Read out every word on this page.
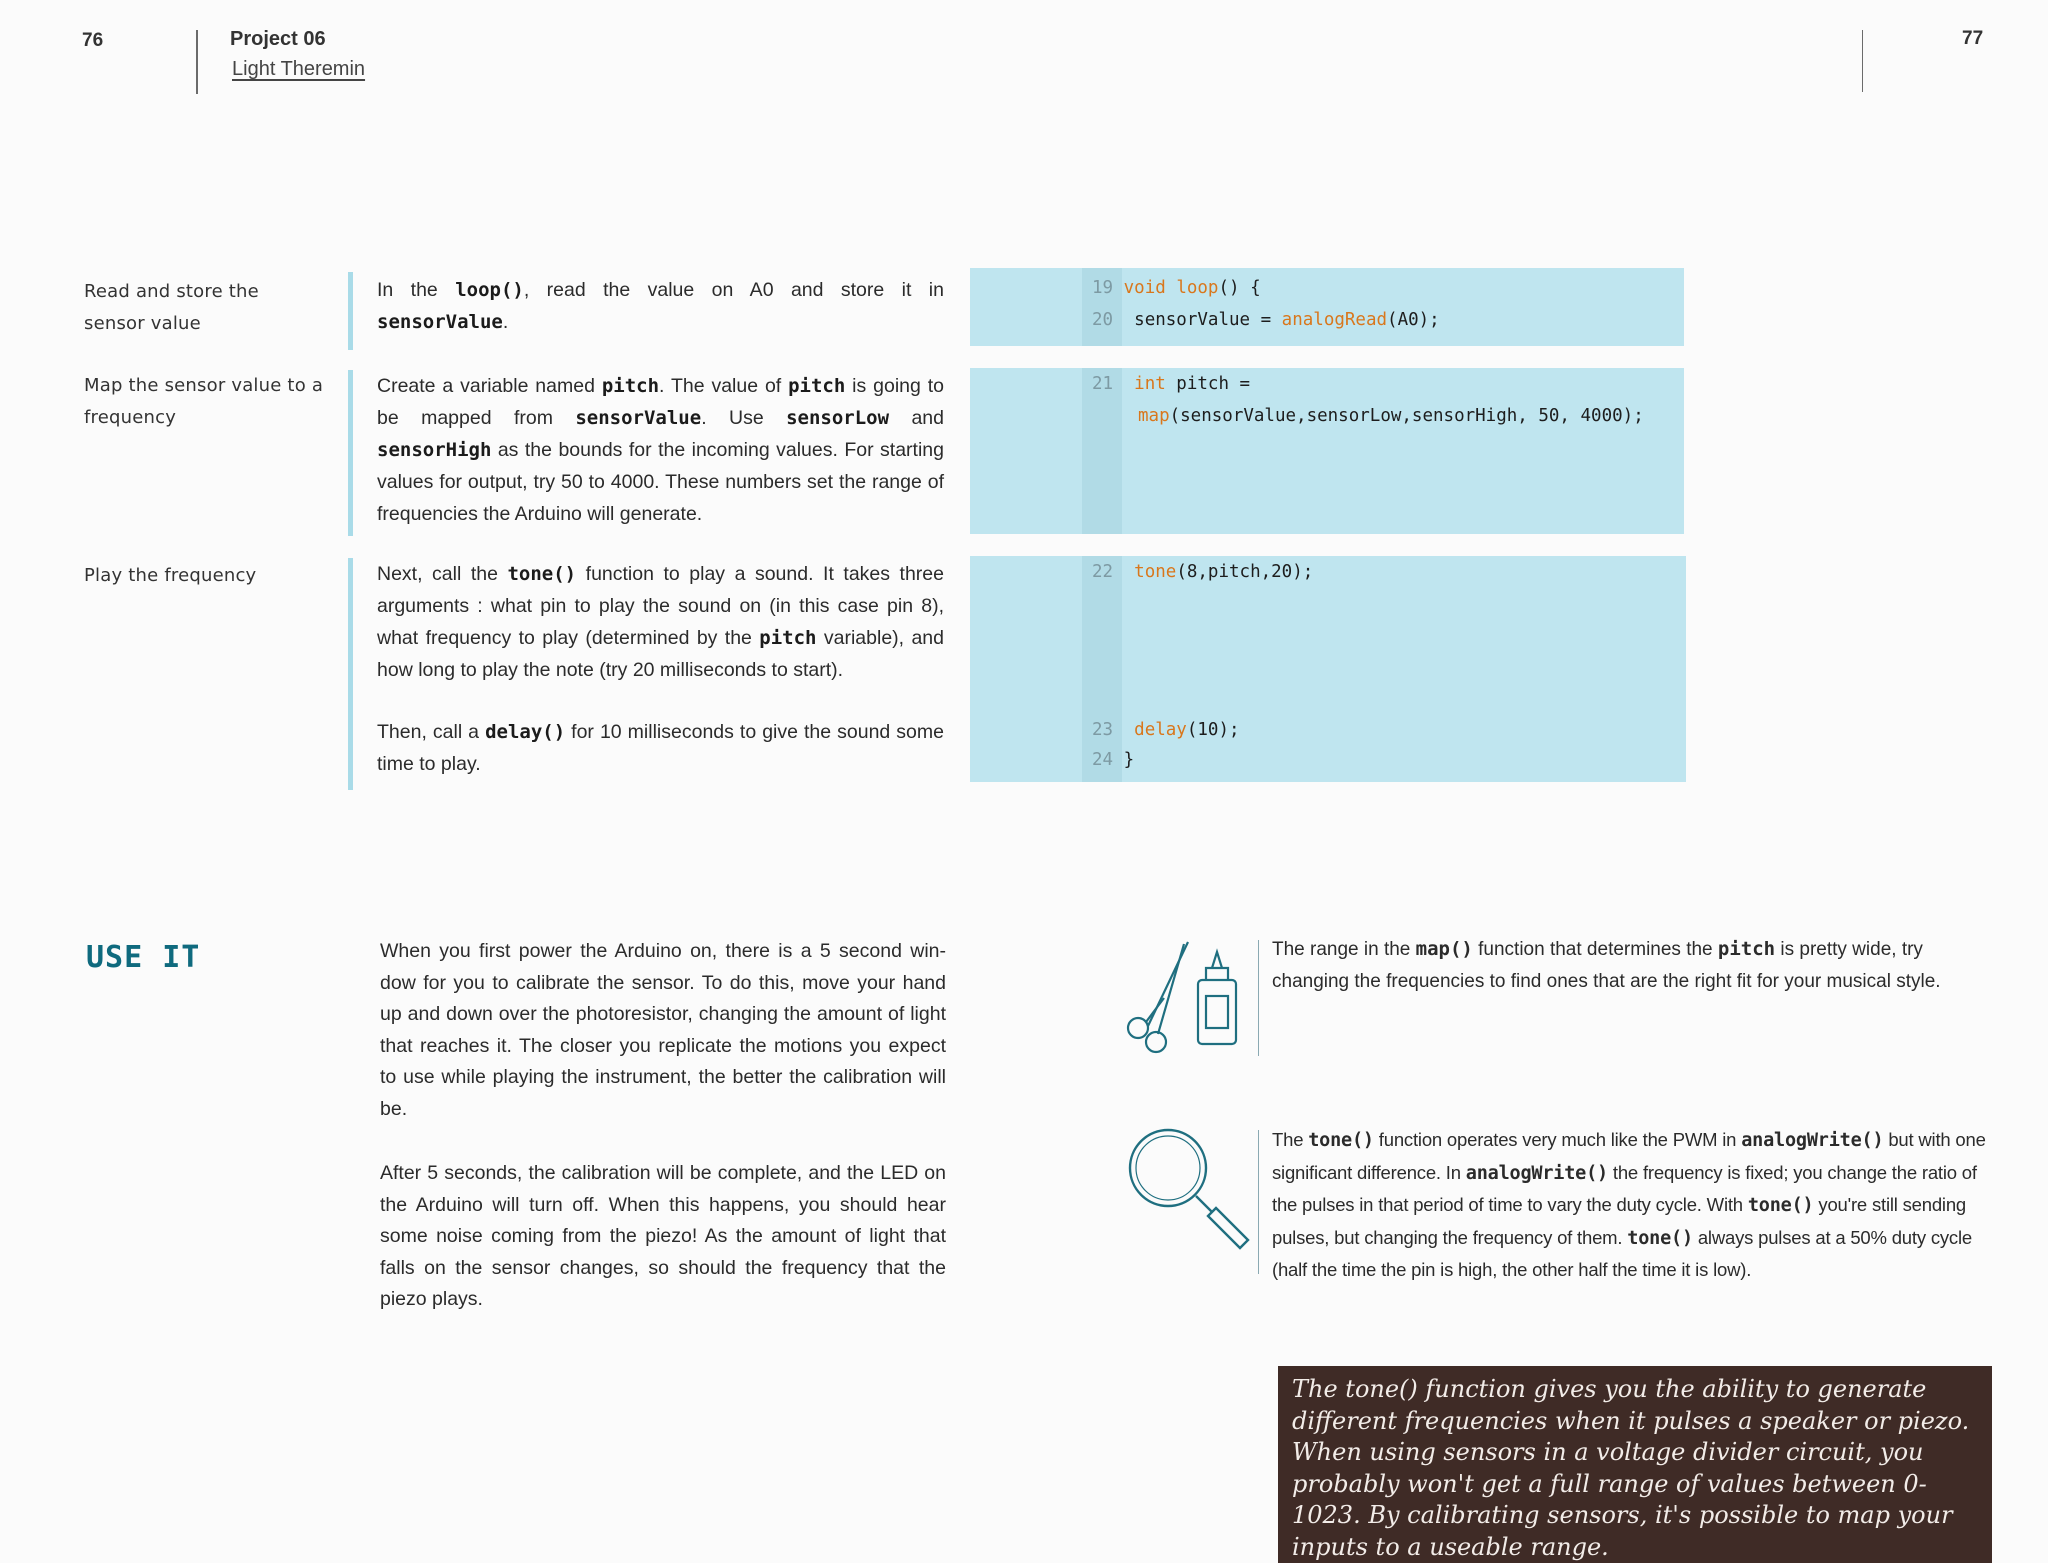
76	Project 06
Light Theremin
77
Read and store the sensor value
In the loop(), read the value on A0 and store it in sensorValue.
Map the sensor value to a frequency
Create a variable named pitch. The value of pitch is going to be mapped from sensorValue. Use sensorLow and sensorHigh as the bounds for the incoming values. For starting values for output, try 50 to 4000. These numbers set the range of frequencies the Arduino will generate.
Play the frequency	Next, call the tone() function to play a sound. It takes three arguments : what pin to play the sound on (in this case pin 8), what frequency to play (determined by the pitch variable), and how long to play the note (try 20 milliseconds to start).
Then, call a delay() for 10 milliseconds to give the sound some time to play.
19 void loop() {
20 sensorValue = analogRead(A0);
21 int pitch =
map(sensorValue,sensorLow,sensorHigh, 50, 4000);
22 tone(8,pitch,20);
23 delay(10);
24 }
USE IT	When you first power the Arduino on, there is a 5 second win-dow for you to calibrate the sensor. To do this, move your hand up and down over the photoresistor, changing the amount of light that reaches it. The closer you replicate the motions you expect to use while playing the instrument, the better the calibration will be.
After 5 seconds, the calibration will be complete, and the LED on the Arduino will turn off. When this happens, you should hear some noise coming from the piezo! As the amount of light that falls on the sensor changes, so should the frequency that the piezo plays.
The range in the map() function that determines the pitch is pretty wide, try changing the frequencies to find ones that are the right fit for your musical style.
The tone() function operates very much like the PWM in analogWrite() but with one significant difference. In analogWrite() the frequency is fixed; you change the ratio of the pulses in that period of time to vary the duty cycle. With tone() you're still sending pulses, but changing the frequency of them. tone() always pulses at a 50% duty cycle (half the time the pin is high, the other half the time it is low).
The tone() function gives you the ability to generate different frequencies when it pulses a speaker or piezo. When using sensors in a voltage divider circuit, you probably won't get a full range of values between 0-1023. By calibrating sensors, it's possible to map your inputs to a useable range.
